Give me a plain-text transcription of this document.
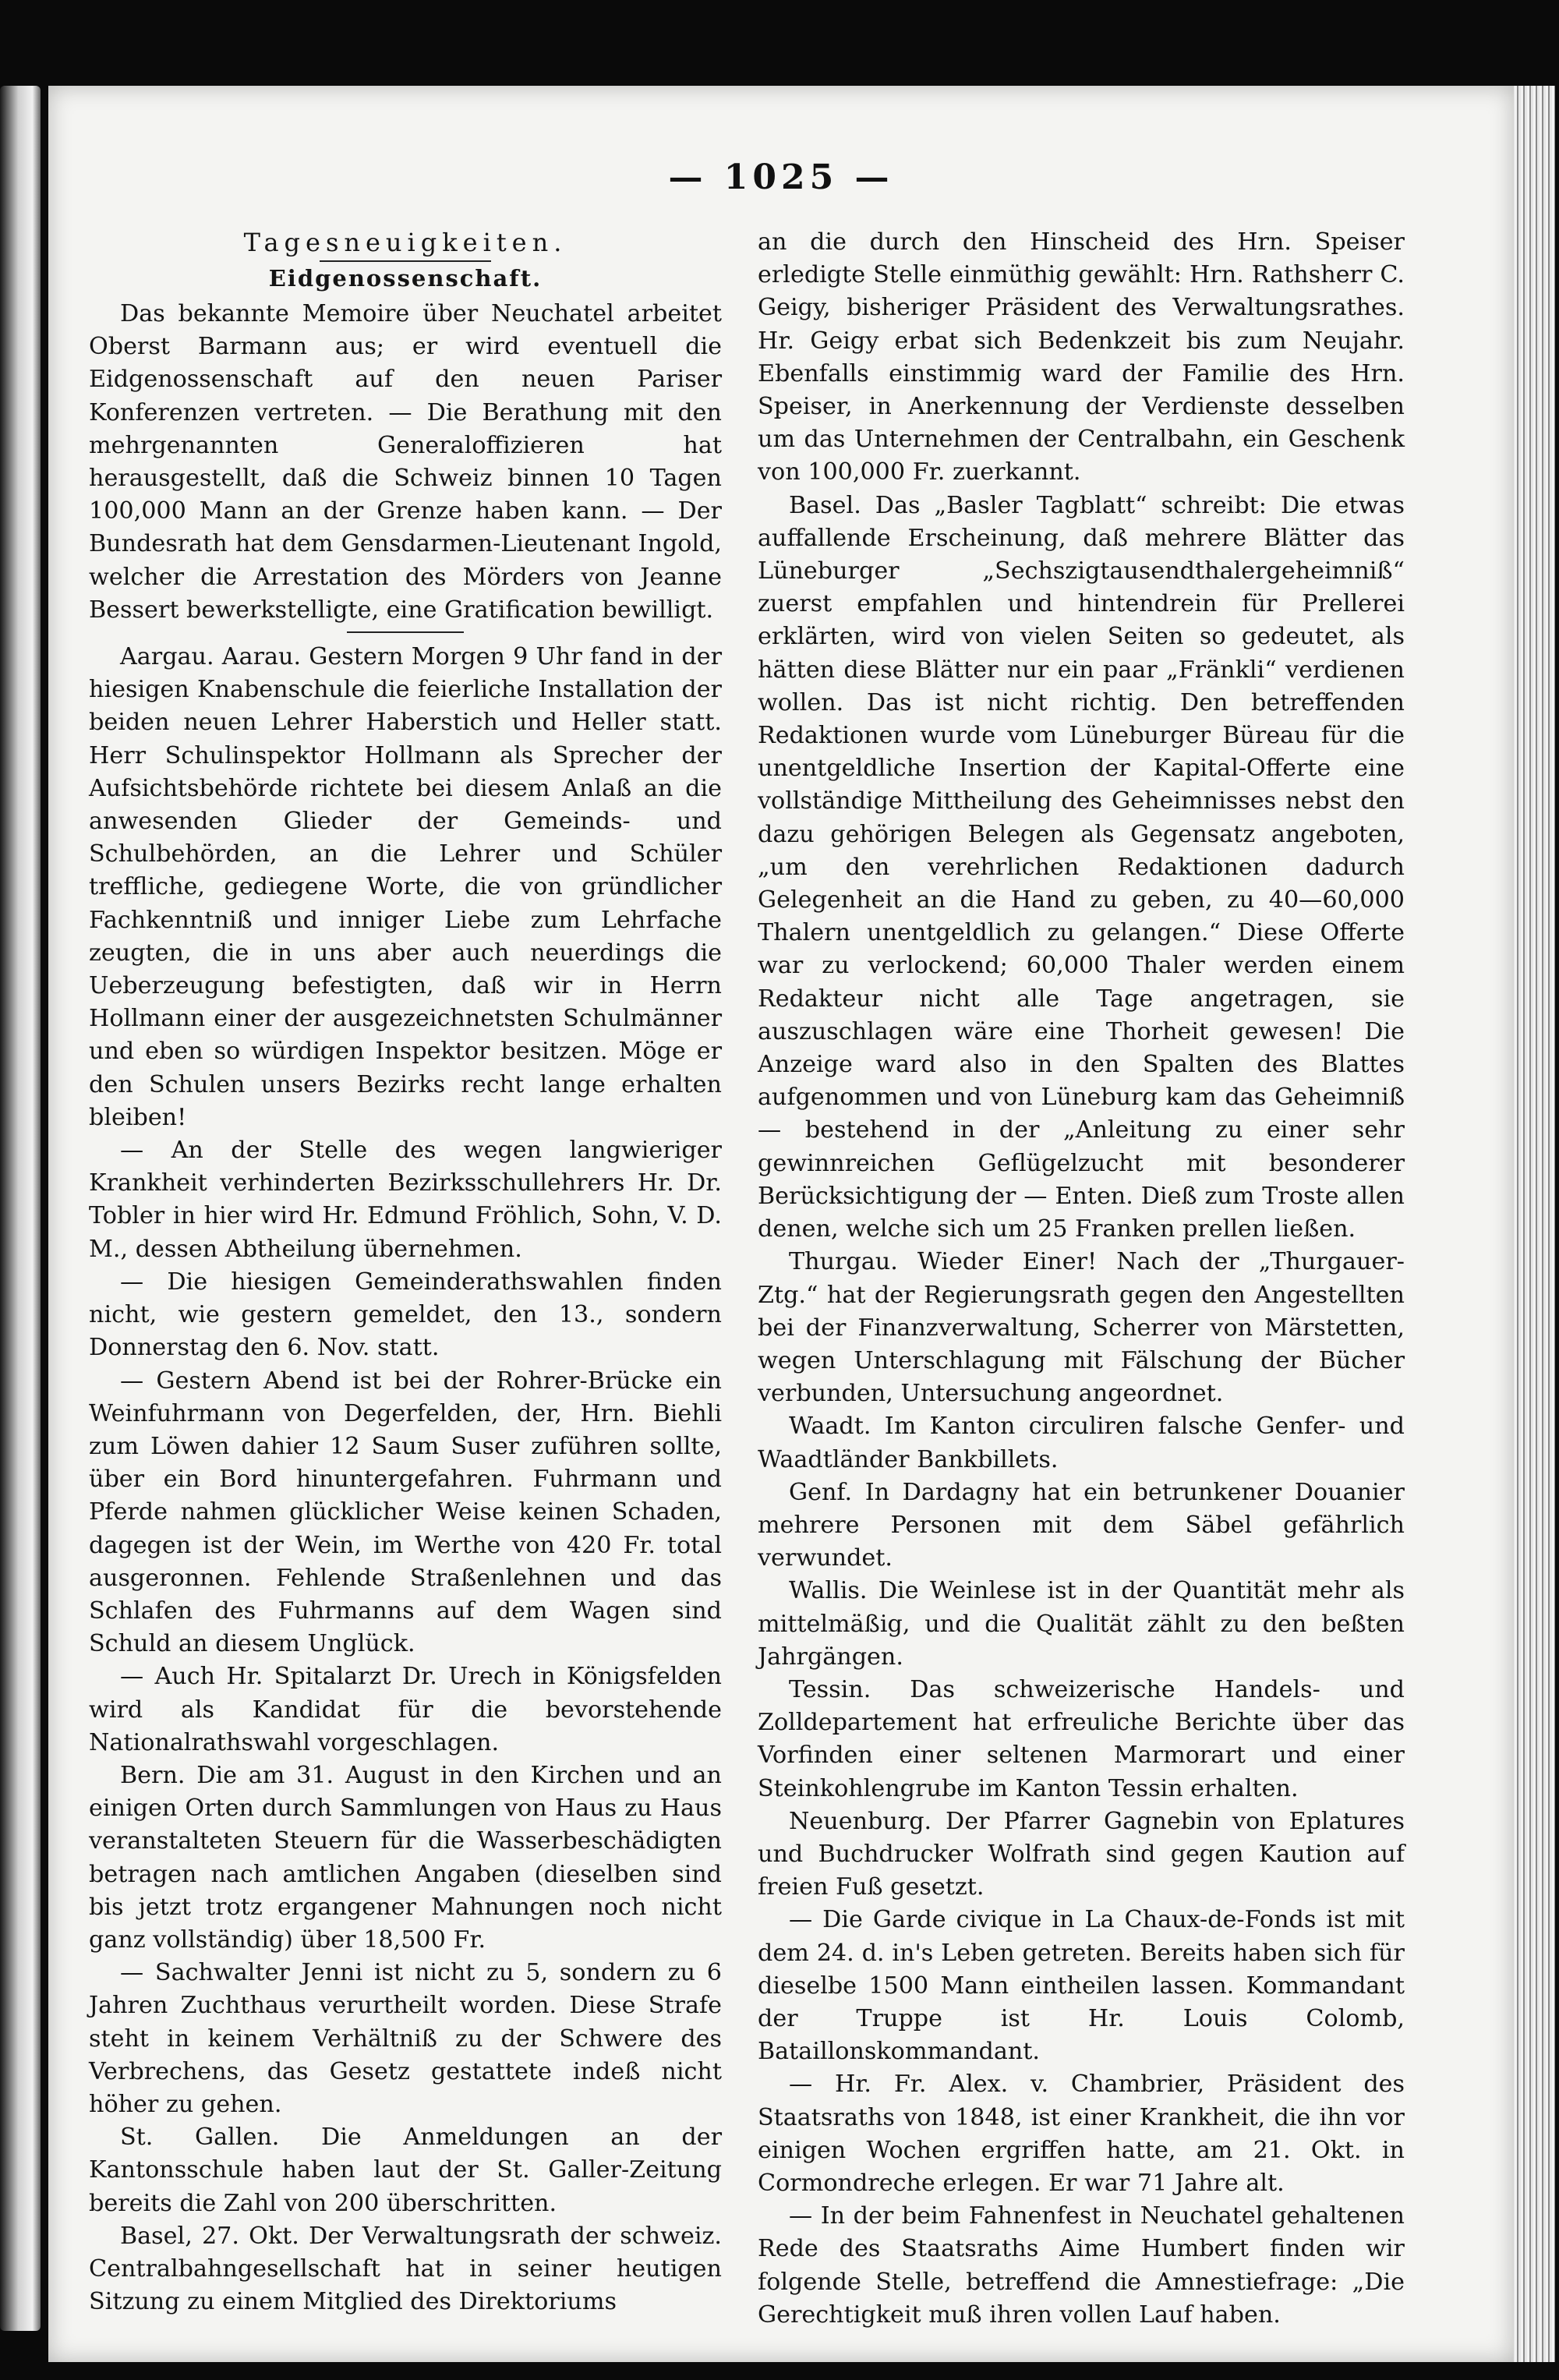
— 1025 —
Tagesneuigkeiten.
Eidgenossenschaft.

Das bekannte Memoire über Neuchatel arbeitet Oberst Barmann aus; er wird eventuell die Eidgenossenschaft auf den neuen Pariser Konferenzen vertreten. — Die Berathung mit den mehrgenannten Generaloffizieren hat herausgestellt, daß die Schweiz binnen 10 Tagen 100,000 Mann an der Grenze haben kann. — Der Bundesrath hat dem Gensdarmen-Lieutenant Ingold, welcher die Arrestation des Mörders von Jeanne Bessert bewerkstelligte, eine Gratification bewilligt.

Aargau. Aarau. Gestern Morgen 9 Uhr fand in der hiesigen Knabenschule die feierliche Installation der beiden neuen Lehrer Haberstich und Heller statt. Herr Schulinspektor Hollmann als Sprecher der Aufsichtsbehörde richtete bei diesem Anlaß an die anwesenden Glieder der Gemeinds- und Schulbehörden, an die Lehrer und Schüler treffliche, gediegene Worte, die von gründlicher Fachkenntniß und inniger Liebe zum Lehrfache zeugten, die in uns aber auch neuerdings die Ueberzeugung befestigten, daß wir in Herrn Hollmann einer der ausgezeichnetsten Schulmänner und eben so würdigen Inspektor besitzen. Möge er den Schulen unsers Bezirks recht lange erhalten bleiben!

— An der Stelle des wegen langwieriger Krankheit verhinderten Bezirksschullehrers Hr. Dr. Tobler in hier wird Hr. Edmund Fröhlich, Sohn, V. D. M., dessen Abtheilung übernehmen.

— Die hiesigen Gemeinderathswahlen finden nicht, wie gestern gemeldet, den 13., sondern Donnerstag den 6. Nov. statt.

— Gestern Abend ist bei der Rohrer-Brücke ein Weinfuhrmann von Degerfelden, der, Hrn. Biehli zum Löwen dahier 12 Saum Suser zuführen sollte, über ein Bord hinuntergefahren. Fuhrmann und Pferde nahmen glücklicher Weise keinen Schaden, dagegen ist der Wein, im Werthe von 420 Fr. total ausgeronnen. Fehlende Straßenlehnen und das Schlafen des Fuhrmanns auf dem Wagen sind Schuld an diesem Unglück.

— Auch Hr. Spitalarzt Dr. Urech in Königsfelden wird als Kandidat für die bevorstehende Nationalrathswahl vorgeschlagen.

Bern. Die am 31. August in den Kirchen und an einigen Orten durch Sammlungen von Haus zu Haus veranstalteten Steuern für die Wasserbeschädigten betragen nach amtlichen Angaben (dieselben sind bis jetzt trotz ergangener Mahnungen noch nicht ganz vollständig) über 18,500 Fr.

— Sachwalter Jenni ist nicht zu 5, sondern zu 6 Jahren Zuchthaus verurtheilt worden. Diese Strafe steht in keinem Verhältniß zu der Schwere des Verbrechens, das Gesetz gestattete indeß nicht höher zu gehen.

St. Gallen. Die Anmeldungen an der Kantonsschule haben laut der St. Galler-Zeitung bereits die Zahl von 200 überschritten.

Basel, 27. Okt. Der Verwaltungsrath der schweiz. Centralbahngesellschaft hat in seiner heutigen Sitzung zu einem Mitglied des Direktoriums

an die durch den Hinscheid des Hrn. Speiser erledigte Stelle einmüthig gewählt: Hrn. Rathsherr C. Geigy, bisheriger Präsident des Verwaltungsrathes. Hr. Geigy erbat sich Bedenkzeit bis zum Neujahr. Ebenfalls einstimmig ward der Familie des Hrn. Speiser, in Anerkennung der Verdienste desselben um das Unternehmen der Centralbahn, ein Geschenk von 100,000 Fr. zuerkannt.

Basel. Das „Basler Tagblatt“ schreibt: Die etwas auffallende Erscheinung, daß mehrere Blätter das Lüneburger „Sechszigtausendthalergeheimniß“ zuerst empfahlen und hintendrein für Prellerei erklärten, wird von vielen Seiten so gedeutet, als hätten diese Blätter nur ein paar „Fränkli“ verdienen wollen. Das ist nicht richtig. Den betreffenden Redaktionen wurde vom Lüneburger Büreau für die unentgeldliche Insertion der Kapital-Offerte eine vollständige Mittheilung des Geheimnisses nebst den dazu gehörigen Belegen als Gegensatz angeboten, „um den verehrlichen Redaktionen dadurch Gelegenheit an die Hand zu geben, zu 40—60,000 Thalern unentgeldlich zu gelangen.“ Diese Offerte war zu verlockend; 60,000 Thaler werden einem Redakteur nicht alle Tage angetragen, sie auszuschlagen wäre eine Thorheit gewesen! Die Anzeige ward also in den Spalten des Blattes aufgenommen und von Lüneburg kam das Geheimniß — bestehend in der „Anleitung zu einer sehr gewinnreichen Geflügelzucht mit besonderer Berücksichtigung der — Enten. Dieß zum Troste allen denen, welche sich um 25 Franken prellen ließen.

Thurgau. Wieder Einer! Nach der „Thurgauer-Ztg.“ hat der Regierungsrath gegen den Angestellten bei der Finanzverwaltung, Scherrer von Märstetten, wegen Unterschlagung mit Fälschung der Bücher verbunden, Untersuchung angeordnet.

Waadt. Im Kanton circuliren falsche Genfer- und Waadtländer Bankbillets.

Genf. In Dardagny hat ein betrunkener Douanier mehrere Personen mit dem Säbel gefährlich verwundet.

Wallis. Die Weinlese ist in der Quantität mehr als mittelmäßig, und die Qualität zählt zu den beßten Jahrgängen.

Tessin. Das schweizerische Handels- und Zolldepartement hat erfreuliche Berichte über das Vorfinden einer seltenen Marmorart und einer Steinkohlengrube im Kanton Tessin erhalten.

Neuenburg. Der Pfarrer Gagnebin von Eplatures und Buchdrucker Wolfrath sind gegen Kaution auf freien Fuß gesetzt.

— Die Garde civique in La Chaux-de-Fonds ist mit dem 24. d. in's Leben getreten. Bereits haben sich für dieselbe 1500 Mann eintheilen lassen. Kommandant der Truppe ist Hr. Louis Colomb, Bataillonskommandant.

— Hr. Fr. Alex. v. Chambrier, Präsident des Staatsraths von 1848, ist einer Krankheit, die ihn vor einigen Wochen ergriffen hatte, am 21. Okt. in Cormondreche erlegen. Er war 71 Jahre alt.

— In der beim Fahnenfest in Neuchatel gehaltenen Rede des Staatsraths Aime Humbert finden wir folgende Stelle, betreffend die Amnestiefrage: „Die Gerechtigkeit muß ihren vollen Lauf haben.
